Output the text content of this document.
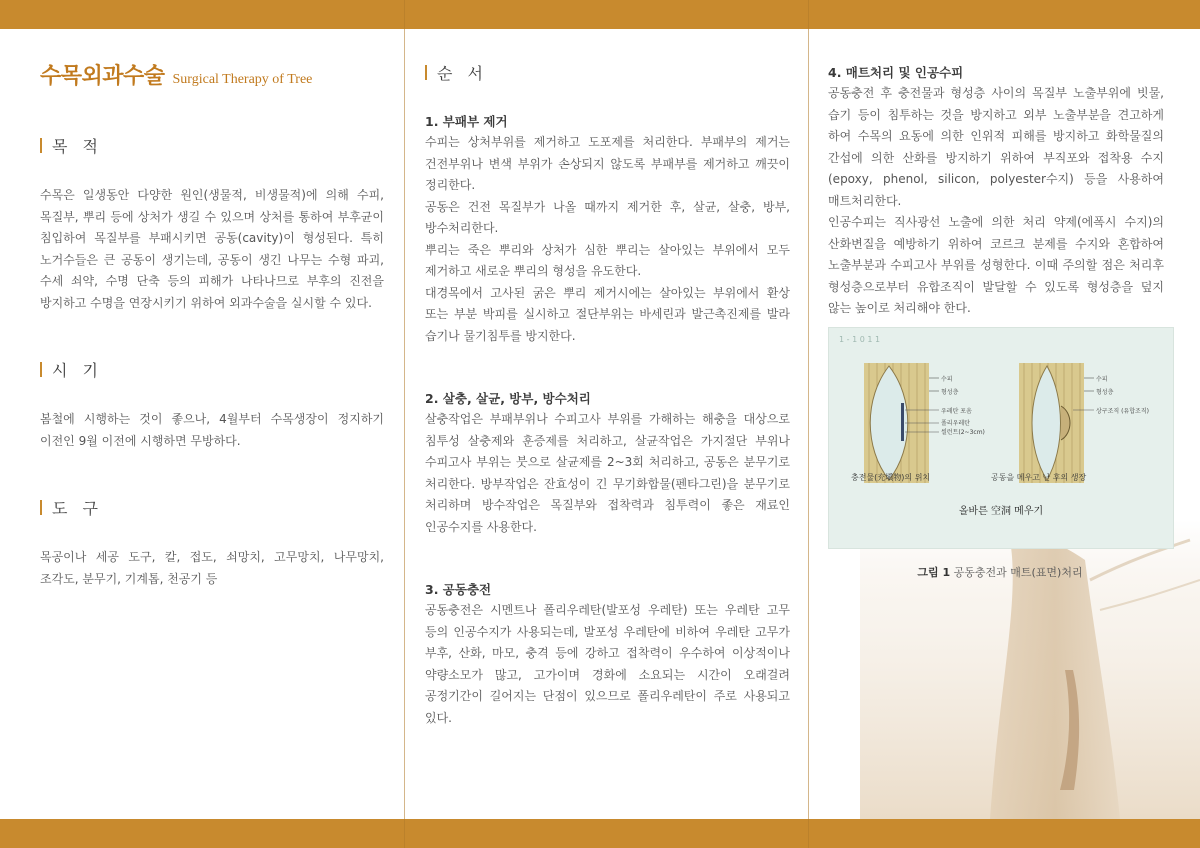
수목외과수술 Surgical Therapy of Tree
목 적
수목은 일생동안 다양한 원인(생물적, 비생물적)에 의해 수피, 목질부, 뿌리 등에 상처가 생길 수 있으며 상처를 통하여 부후균이 침입하여 목질부를 부패시키면 공동(cavity)이 형성된다. 특히 노거수들은 큰 공동이 생기는데, 공동이 생긴 나무는 수형 파괴, 수세 쇠약, 수명 단축 등의 피해가 나타나므로 부후의 진전을 방지하고 수명을 연장시키기 위하여 외과수술을 실시할 수 있다.
시 기
봄철에 시행하는 것이 좋으나, 4월부터 수목생장이 정지하기 이전인 9월 이전에 시행하면 무방하다.
도 구
목공이나 세공 도구, 칼, 접도, 쇠망치, 고무망치, 나무망치, 조각도, 분무기, 기계톱, 천공기 등
순 서
1. 부패부 제거

수피는 상처부위를 제거하고 도포제를 처리한다. 부패부의 제거는 건전부위나 변색 부위가 손상되지 않도록 부패부를 제거하고 깨끗이 정리한다.

공동은 건전 목질부가 나올 때까지 제거한 후, 살균, 살충, 방부, 방수처리한다.

뿌리는 죽은 뿌리와 상처가 심한 뿌리는 살아있는 부위에서 모두 제거하고 새로운 뿌리의 형성을 유도한다.

대경목에서 고사된 굵은 뿌리 제거시에는 살아있는 부위에서 환상 또는 부분 박피를 실시하고 절단부위는 바세린과 발근촉진제를 발라 습기나 물기침투를 방지한다.

2. 살충, 살균, 방부, 방수처리

살충작업은 부패부위나 수피고사 부위를 가해하는 해충을 대상으로 침투성 살충제와 훈증제를 처리하고, 살균작업은 가지절단 부위나 수피고사 부위는 붓으로 살균제를 2~3회 처리하고, 공동은 분무기로 처리한다. 방부작업은 잔효성이 긴 무기화합물(펜타그린)을 분무기로 처리하며 방수작업은 목질부와 접착력과 침투력이 좋은 재료인 인공수지를 사용한다.

3. 공동충전

공동충전은 시멘트나 폴리우레탄(발포성 우레탄) 또는 우레탄 고무 등의 인공수지가 사용되는데, 발포성 우레탄에 비하여 우레탄 고무가 부후, 산화, 마모, 충격 등에 강하고 접착력이 우수하여 이상적이나 약량소모가 많고, 고가이며 경화에 소요되는 시간이 오래걸려 공정기간이 길어지는 단점이 있으므로 폴리우레탄이 주로 사용되고 있다.

4. 매트처리 및 인공수피

공동충전 후 충전물과 형성층 사이의 목질부 노출부위에 빗물, 습기 등이 침투하는 것을 방지하고 외부 노출부분을 견고하게 하여 수목의 요동에 의한 인위적 피해를 방지하고 화학물질의 간섭에 의한 산화를 방지하기 위하여 부직포와 접착용 수지(epoxy, phenol, silicon, polyester수지) 등을 사용하여 매트처리한다.

인공수피는 직사광선 노출에 의한 처리 약제(에폭시 수지)의 산화변질을 예방하기 위하여 코르크 분제를 수지와 혼합하여 노출부분과 수피고사 부위를 성형한다. 이때 주의할 점은 처리후 형성층으로부터 유합조직이 발달할 수 있도록 형성층을 덮지 않는 높이로 처리해야 한다.

1 - 1 0 1 1
수피
형성층
우레탄 포옴
폴리우레탄
씰런트(2~3cm)
수피
형성층
상구조직 (유합조직)
충전물(充塡物)의 위치	공동을 메우고 난 후의 생장
올바른 空洞 메우기
그림 1 공동충전과 매트(표면)처리
